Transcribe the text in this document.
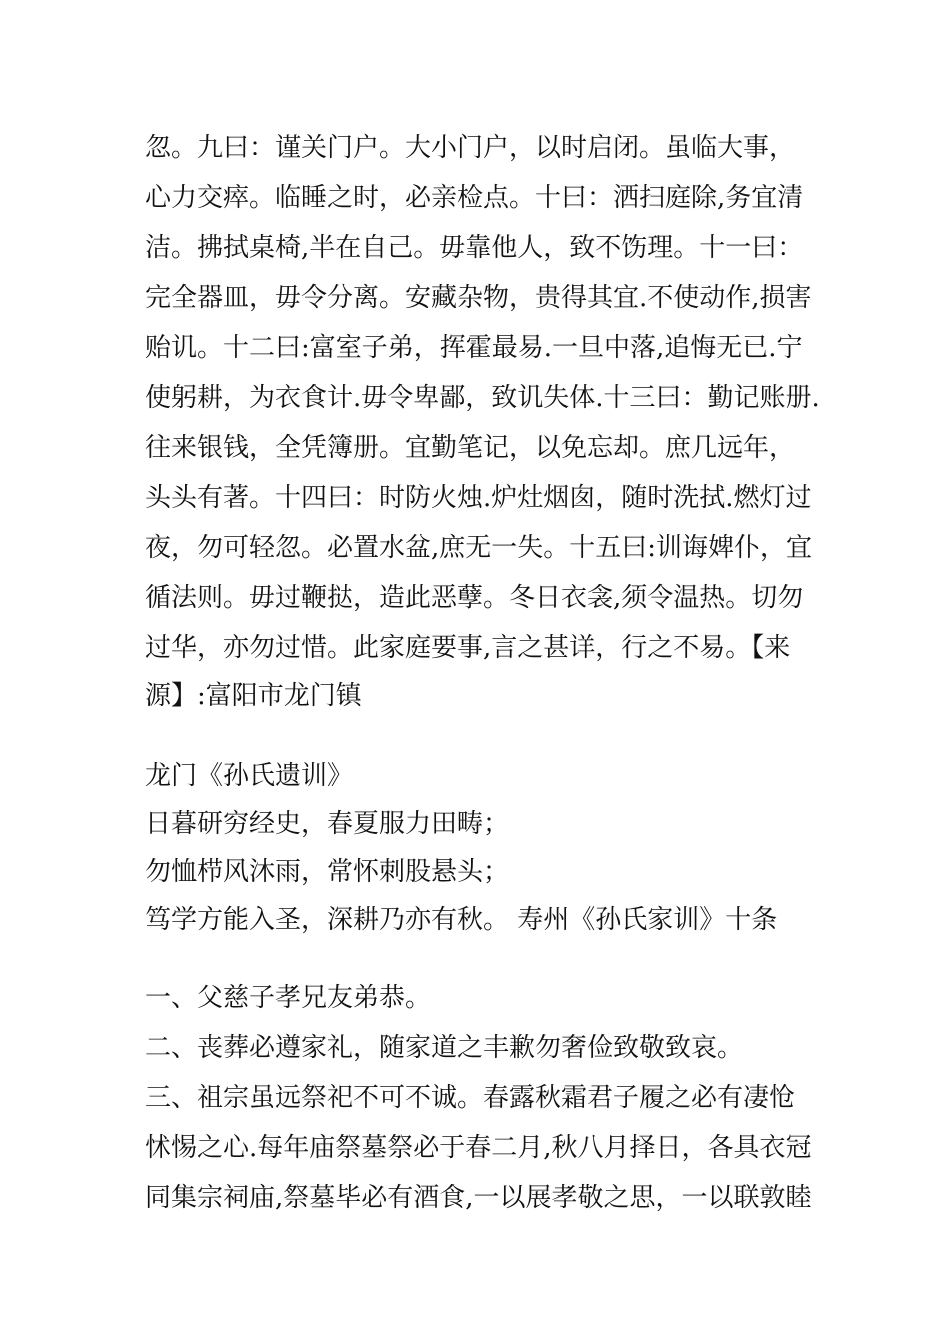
忽。九曰：谨关门户。大小门户，以时启闭。虽临大事，
心力交瘁。临睡之时，必亲检点。十曰：洒扫庭除,务宜清
洁。拂拭桌椅,半在自己。毋靠他人，致不饬理。十一曰：
完全器皿，毋令分离。安藏杂物，贵得其宜.不使动作,损害
贻讥。十二曰:富室子弟，挥霍最易.一旦中落,追悔无已.宁
使躬耕，为衣食计.毋令卑鄙，致讥失体.十三曰：勤记账册.
往来银钱，全凭簿册。宜勤笔记，以免忘却。庶几远年，
头头有著。十四曰：时防火烛.炉灶烟囱，随时洗拭.燃灯过
夜，勿可轻忽。必置水盆,庶无一失。十五曰:训诲婢仆，宜
循法则。毋过鞭挞，造此恶孽。冬日衣衾,须令温热。切勿
过华，亦勿过惜。此家庭要事,言之甚详，行之不易。【来
源】:富阳市龙门镇
龙门《孙氏遗训》
日暮研穷经史，春夏服力田畴；
勿恤栉风沐雨，常怀刺股悬头；
笃学方能入圣，深耕乃亦有秋。 寿州《孙氏家训》十条
一、父慈子孝兄友弟恭。
二、丧葬必遵家礼，随家道之丰歉勿奢俭致敬致哀。
三、祖宗虽远祭祀不可不诚。春露秋霜君子履之必有凄怆
怵惕之心.每年庙祭墓祭必于春二月,秋八月择日，各具衣冠
同集宗祠庙,祭墓毕必有酒食,一以展孝敬之思，一以联敦睦
